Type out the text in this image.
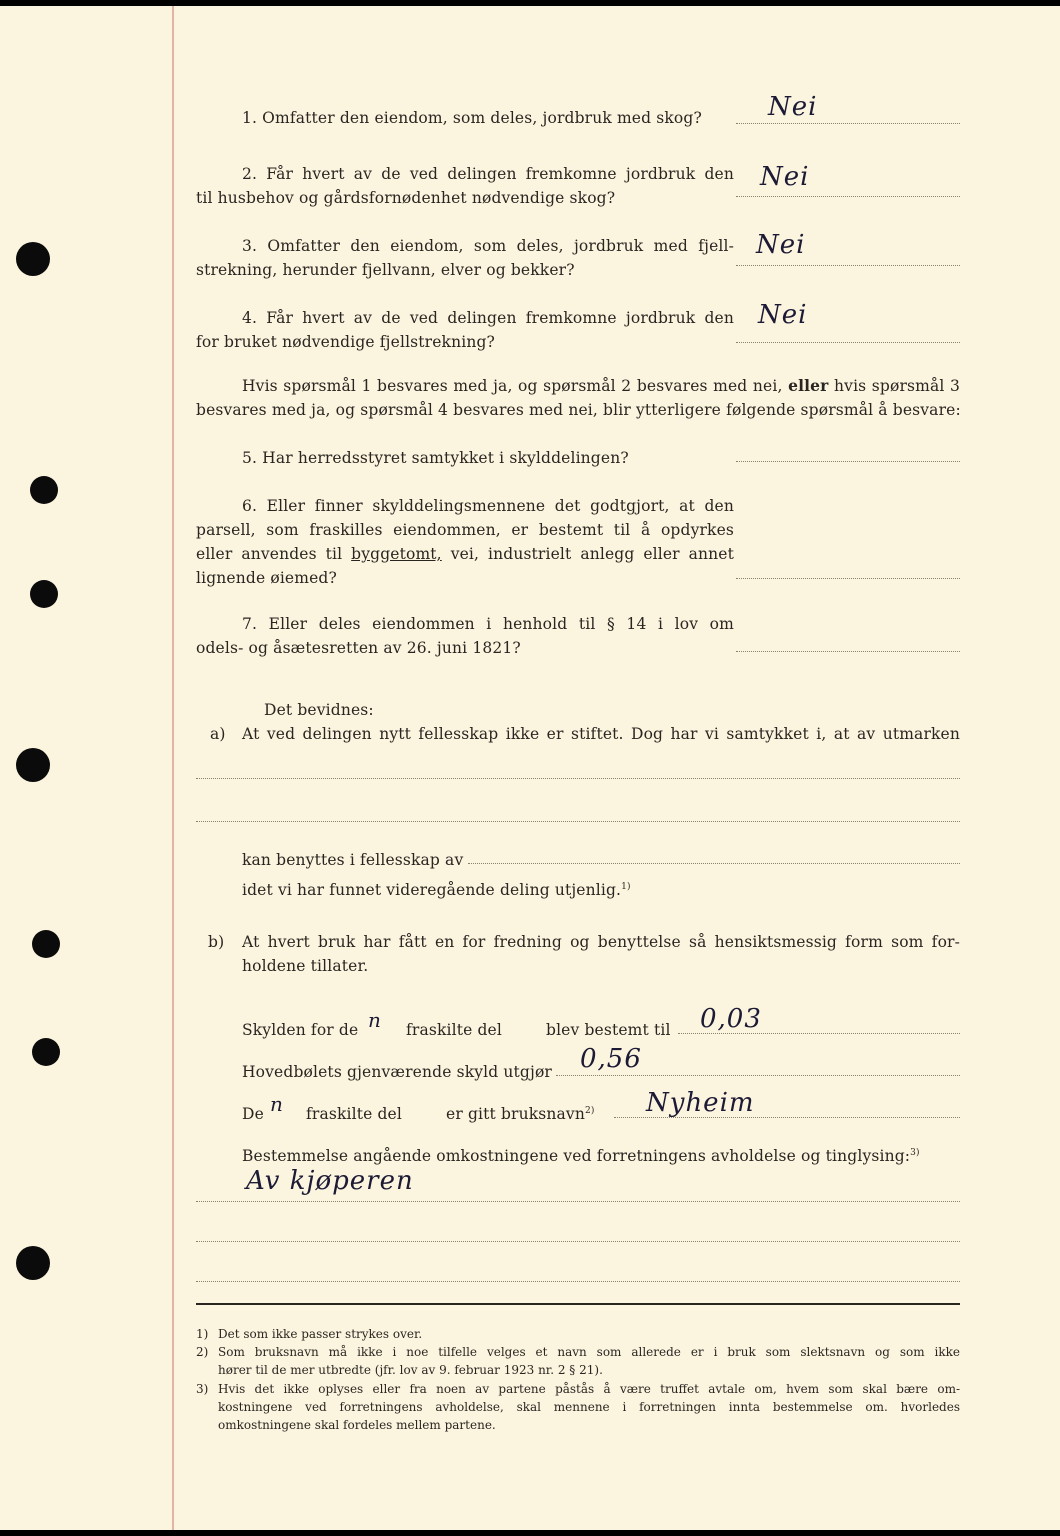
1. Omfatter den eiendom, som deles, jordbruk med skog?	Nei
2. Får hvert av de ved delingen fremkomne jordbruk den
til husbehov og gårdsfornødenhet nødvendige skog?
Nei
3. Omfatter den eiendom, som deles, jordbruk med fjell-
strekning, herunder fjellvann, elver og bekker?
Nei
4. Får hvert av de ved delingen fremkomne jordbruk den
for bruket nødvendige fjellstrekning?
Nei
Hvis spørsmål 1 besvares med ja, og spørsmål 2 besvares med nei, eller hvis spørsmål 3
besvares med ja, og spørsmål 4 besvares med nei, blir ytterligere følgende spørsmål å besvare:
5. Har herredsstyret samtykket i skylddelingen?
6. Eller finner skylddelingsmennene det godtgjort, at den
parsell, som fraskilles eiendommen, er bestemt til å opdyrkes
eller anvendes til byggetomt, vei, industrielt anlegg eller annet
lignende øiemed?
7. Eller deles eiendommen i henhold til § 14 i lov om
odels- og åsætesretten av 26. juni 1821?
Det bevidnes:
a) At ved delingen nytt fellesskap ikke er stiftet. Dog har vi samtykket i, at av utmarken
kan benyttes i fellesskap av
idet vi har funnet videregående deling utjenlig.$^{1)}$
b) At hvert bruk har fått en for fredning og benyttelse så hensiktsmessig form som for-
holdene tillater.
Skylden for de n fraskilte del	blev bestemt til 0,03
Hovedbølets gjenværende skyld utgjør 0,56
De n fraskilte del	er gitt bruksnavn$^{2)}$ Nyheim
Bestemmelse angående omkostningene ved forretningens avholdelse og tinglysing:$^{3)}$
Av kjøperen
1) Det som ikke passer strykes over.
2) Som bruksnavn må ikke i noe tilfelle velges et navn som allerede er i bruk som slektsnavn og som ikke
hører til de mer utbredte (jfr. lov av 9. februar 1923 nr. 2 § 21).
3) Hvis det ikke oplyses eller fra noen av partene påstås å være truffet avtale om, hvem som skal bære om-
kostningene ved forretningens avholdelse, skal mennene i forretningen innta bestemmelse om. hvorledes
omkostningene skal fordeles mellem partene.
